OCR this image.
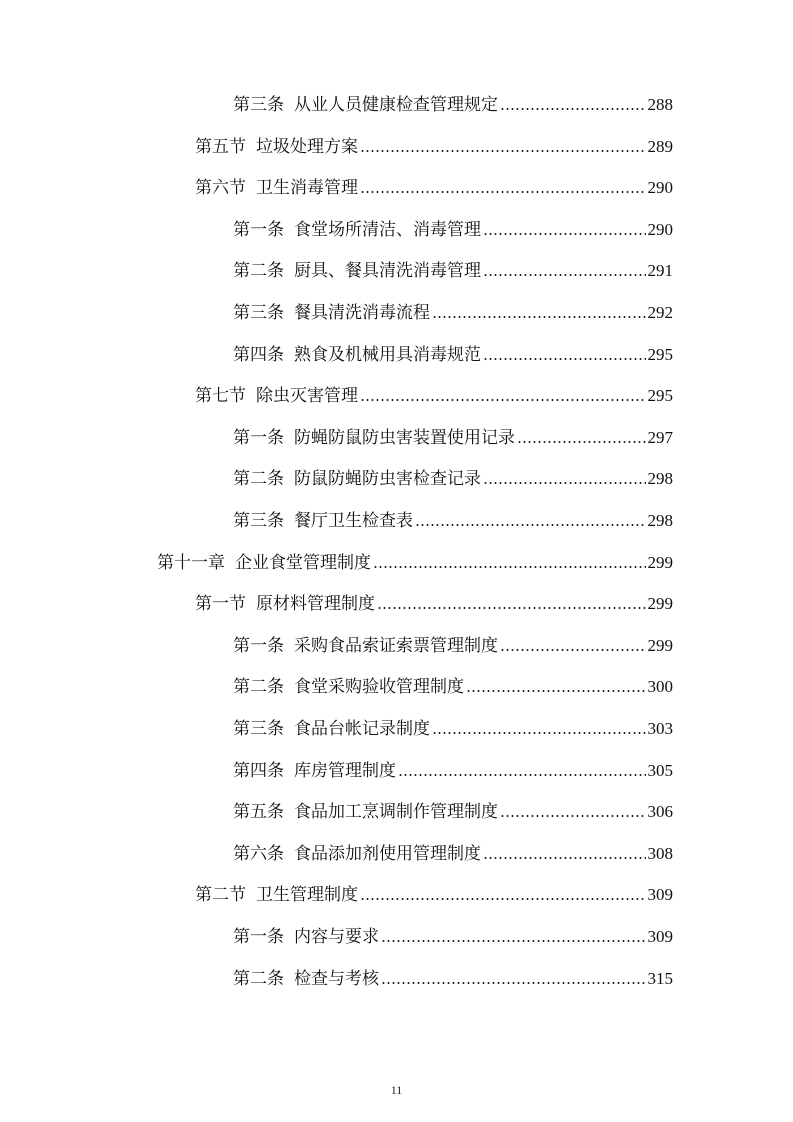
第三条 从业人员健康检查管理规定	288
第五节 垃圾处理方案	289
第六节 卫生消毒管理	290
第一条 食堂场所清洁、消毒管理	290
第二条 厨具、餐具清洗消毒管理	291
第三条 餐具清洗消毒流程	292
第四条 熟食及机械用具消毒规范	295
第七节 除虫灭害管理	295
第一条 防蝇防鼠防虫害装置使用记录	297
第二条 防鼠防蝇防虫害检查记录	298
第三条 餐厅卫生检查表	298
第十一章 企业食堂管理制度	299
第一节 原材料管理制度	299
第一条 采购食品索证索票管理制度	299
第二条 食堂采购验收管理制度	300
第三条 食品台帐记录制度	303
第四条 库房管理制度	305
第五条 食品加工烹调制作管理制度	306
第六条 食品添加剂使用管理制度	308
第二节 卫生管理制度	309
第一条 内容与要求	309
第二条 检查与考核	315
11
